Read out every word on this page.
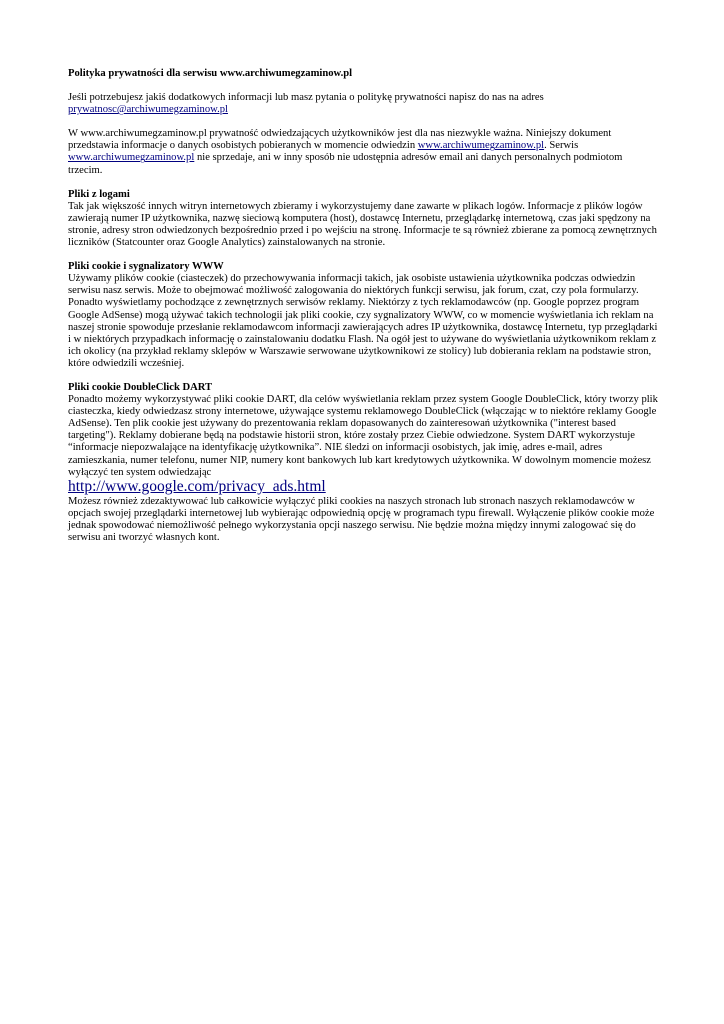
Polityka prywatności dla serwisu www.archiwumegzaminow.pl

Jeśli potrzebujesz jakiś dodatkowych informacji lub masz pytania o politykę prywatności napisz do nas na adres prywatnosc@archiwumegzaminow.pl

W www.archiwumegzaminow.pl prywatność odwiedzających użytkowników jest dla nas niezwykle ważna. Niniejszy dokument przedstawia informacje o danych osobistych pobieranych w momencie odwiedzin www.archiwumegzaminow.pl. Serwis www.archiwumegzaminow.pl nie sprzedaje, ani w inny sposób nie udostępnia adresów email ani danych personalnych podmiotom trzecim.

Pliki z logami

Tak jak większość innych witryn internetowych zbieramy i wykorzystujemy dane zawarte w plikach logów. Informacje z plików logów zawierają numer IP użytkownika, nazwę sieciową komputera (host), dostawcę Internetu, przeglądarkę internetową, czas jaki spędzony na stronie, adresy stron odwiedzonych bezpośrednio przed i po wejściu na stronę. Informacje te są również zbierane za pomocą zewnętrznych liczników (Statcounter oraz Google Analytics) zainstalowanych na stronie.

Pliki cookie i sygnalizatory WWW

Używamy plików cookie (ciasteczek) do przechowywania informacji takich, jak osobiste ustawienia użytkownika podczas odwiedzin serwisu nasz serwis. Może to obejmować możliwość zalogowania do niektórych funkcji serwisu, jak forum, czat, czy pola formularzy.

Ponadto wyświetlamy pochodzące z zewnętrznych serwisów reklamy. Niektórzy z tych reklamodawców (np. Google poprzez program Google AdSense) mogą używać takich technologii jak pliki cookie, czy sygnalizatory WWW, co w momencie wyświetlania ich reklam na naszej stronie spowoduje przesłanie reklamodawcom informacji zawierających adres IP użytkownika, dostawcę Internetu, typ przeglądarki i w niektórych przypadkach informację o zainstalowaniu dodatku Flash. Na ogół jest to używane do wyświetlania użytkownikom reklam z ich okolicy (na przykład reklamy sklepów w Warszawie serwowane użytkownikowi ze stolicy) lub dobierania reklam na podstawie stron, które odwiedzili wcześniej.

Pliki cookie DoubleClick DART

Ponadto możemy wykorzystywać pliki cookie DART, dla celów wyświetlania reklam przez system Google DoubleClick, który tworzy plik ciasteczka, kiedy odwiedzasz strony internetowe, używające systemu reklamowego DoubleClick (włączając w to niektóre reklamy Google AdSense). Ten plik cookie jest używany do prezentowania reklam dopasowanych do zainteresowań użytkownika ("interest based targeting"). Reklamy dobierane będą na podstawie historii stron, które zostały przez Ciebie odwiedzone. System DART wykorzystuje “informacje niepozwalające na identyfikację użytkownika”. NIE śledzi on informacji osobistych, jak imię, adres e-mail, adres zamieszkania, numer telefonu, numer NIP, numery kont bankowych lub kart kredytowych użytkownika. W dowolnym momencie możesz wyłączyć ten system odwiedzając

http://www.google.com/privacy_ads.html

Możesz również zdezaktywować lub całkowicie wyłączyć pliki cookies na naszych stronach lub stronach naszych reklamodawców w opcjach swojej przeglądarki internetowej lub wybierając odpowiednią opcję w programach typu firewall. Wyłączenie plików cookie może jednak spowodować niemożliwość pełnego wykorzystania opcji naszego serwisu. Nie będzie można między innymi zalogować się do serwisu ani tworzyć własnych kont.
